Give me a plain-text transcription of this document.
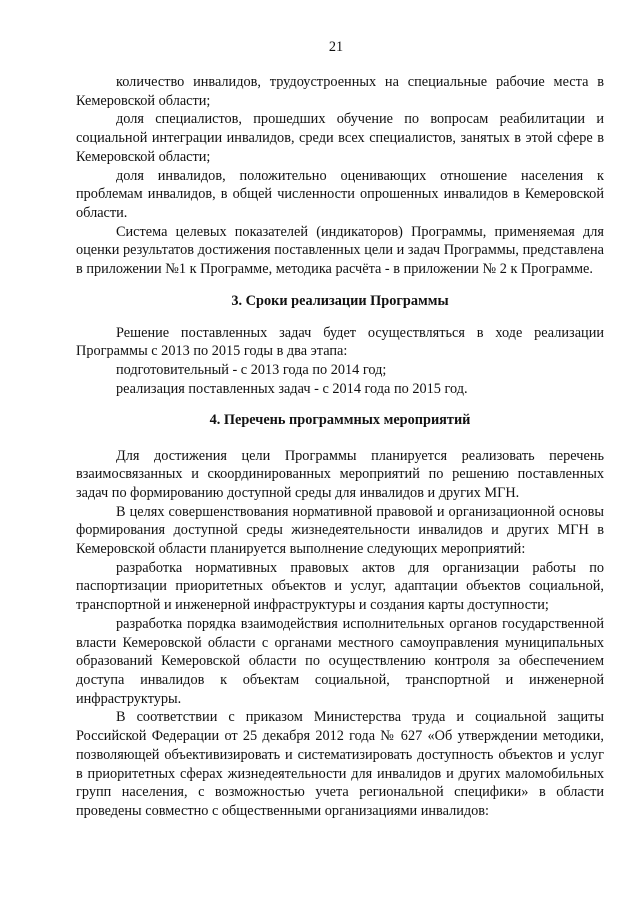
21

количество инвалидов, трудоустроенных на специальные рабочие места в Кемеровской области;

доля специалистов, прошедших обучение по вопросам реабилитации и социальной интеграции инвалидов, среди всех специалистов, занятых в этой сфере в Кемеровской области;

доля инвалидов, положительно оценивающих отношение населения к проблемам инвалидов, в общей численности опрошенных инвалидов в Кемеровской области.

Система целевых показателей (индикаторов) Программы, применяемая для оценки результатов достижения поставленных цели и задач Программы, представлена в приложении №1 к Программе, методика расчёта - в приложении № 2 к Программе.

3. Сроки реализации Программы

Решение поставленных задач будет осуществляться в ходе реализации Программы с 2013 по 2015 годы в два этапа:

подготовительный - с 2013 года по 2014 год;

реализация поставленных задач - с 2014 года по 2015 год.

4. Перечень программных мероприятий

Для достижения цели Программы планируется реализовать перечень взаимосвязанных и скоординированных мероприятий по решению поставленных задач по формированию доступной среды для инвалидов и других МГН.

В целях совершенствования нормативной правовой и организационной основы формирования доступной среды жизнедеятельности инвалидов и других МГН в Кемеровской области планируется выполнение следующих мероприятий:

разработка нормативных правовых актов для организации работы по паспортизации приоритетных объектов и услуг, адаптации объектов социальной, транспортной и инженерной инфраструктуры и создания карты доступности;

разработка порядка взаимодействия исполнительных органов государственной власти Кемеровской области с органами местного самоуправления муниципальных образований Кемеровской области по осуществлению контроля за обеспечением доступа инвалидов к объектам социальной, транспортной и инженерной инфраструктуры.

В соответствии с приказом Министерства труда и социальной защиты Российской Федерации от 25 декабря 2012 года № 627 «Об утверждении методики, позволяющей объективизировать и систематизировать доступность объектов и услуг в приоритетных сферах жизнедеятельности для инвалидов и других маломобильных групп населения, с возможностью учета региональной специфики» в области проведены совместно с общественными организациями инвалидов:
